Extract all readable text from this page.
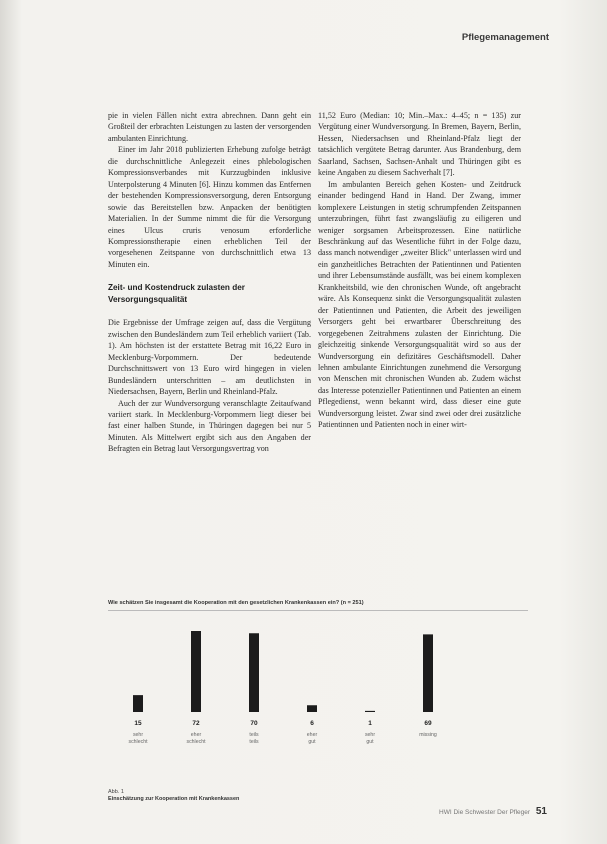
Pflegemanagement

pie in vielen Fällen nicht extra abrechnen. Dann geht ein Großteil der erbrachten Leistungen zu lasten der versorgenden ambulanten Einrichtung.

Einer im Jahr 2018 publizierten Erhebung zufolge beträgt die durchschnittliche Anlegezeit eines phlebologischen Kompressionsverbandes mit Kurzzugbinden inklusive Unterpolsterung 4 Minuten [6]. Hinzu kommen das Entfernen der bestehenden Kompressionsversorgung, deren Entsorgung sowie das Bereitstellen bzw. Anpacken der benötigten Materialien. In der Summe nimmt die für die Versorgung eines Ulcus cruris venosum erforderliche Kompressionstherapie einen erheblichen Teil der vorgesehenen Zeitspanne von durchschnittlich etwa 13 Minuten ein.

Zeit- und Kostendruck zulasten der Versorgungsqualität

Die Ergebnisse der Umfrage zeigen auf, dass die Vergütung zwischen den Bundesländern zum Teil erheblich variiert (Tab. 1). Am höchsten ist der erstattete Betrag mit 16,22 Euro in Mecklenburg-Vorpommern. Der bedeutende Durchschnittswert von 13 Euro wird hingegen in vielen Bundesländern unterschritten – am deutlichsten in Niedersachsen, Bayern, Berlin und Rheinland-Pfalz.

Auch der zur Wundversorgung veranschlagte Zeitaufwand variiert stark. In Mecklenburg-Vorpommern liegt dieser bei fast einer halben Stunde, in Thüringen dagegen bei nur 5 Minuten. Als Mittelwert ergibt sich aus den Angaben der Befragten ein Betrag laut Versorgungsvertrag von

11,52 Euro (Median: 10; Min.–Max.: 4–45; n = 135) zur Vergütung einer Wundversorgung. In Bremen, Bayern, Berlin, Hessen, Niedersachsen und Rheinland-Pfalz liegt der tatsächlich vergütete Betrag darunter. Aus Brandenburg, dem Saarland, Sachsen, Sachsen-Anhalt und Thüringen gibt es keine Angaben zu diesem Sachverhalt [7].

Im ambulanten Bereich gehen Kosten- und Zeitdruck einander bedingend Hand in Hand. Der Zwang, immer komplexere Leistungen in stetig schrumpfenden Zeitspannen unterzubringen, führt fast zwangsläufig zu eiligeren und weniger sorgsamen Arbeitsprozessen. Eine natürliche Beschränkung auf das Wesentliche führt in der Folge dazu, dass manch notwendiger „zweiter Blick" unterlassen wird und ein ganzheitliches Betrachten der Patientinnen und Patienten und ihrer Lebensumstände ausfällt, was bei einem komplexen Krankheitsbild, wie den chronischen Wunde, oft angebracht wäre. Als Konsequenz sinkt die Versorgungsqualität zulasten der Patientinnen und Patienten, die Arbeit des jeweiligen Versorgers geht bei erwartbarer Überschreitung des vorgegebenen Zeitrahmens zulasten der Einrichtung. Die gleichzeitig sinkende Versorgungsqualität wird so aus der Wundversorgung ein defizitäres Geschäftsmodell. Daher lehnen ambulante Einrichtungen zunehmend die Versorgung von Menschen mit chronischen Wunden ab. Zudem wächst das Interesse potenzieller Patientinnen und Patienten an einem Pflegedienst, wenn bekannt wird, dass dieser eine gute Wundversorgung leistet. Zwar sind zwei oder drei zusätzliche Patientinnen und Patienten noch in einer wirt-

Wie schätzen Sie insgesamt die Kooperation mit den gesetzlichen Krankenkassen ein? (n = 251)
15
sehr
schlecht
72
eher
schlecht
70
teils
teils
6
eher
gut
1
sehr
gut
69
missing
Abb. 1
Einschätzung zur Kooperation mit Krankenkassen
HWI Die Schwester Der Pfleger 51
